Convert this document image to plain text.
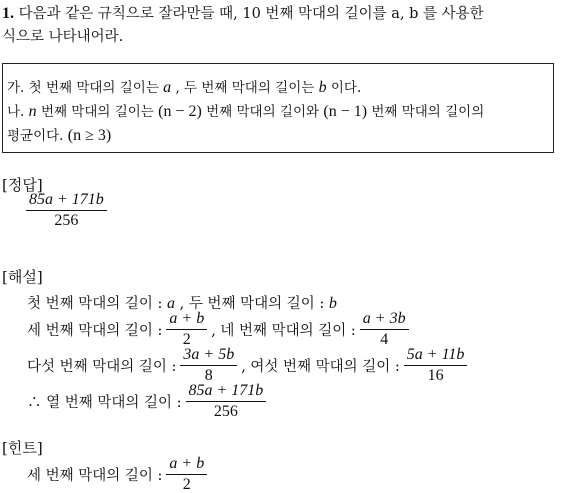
1. 다음과 같은 규칙으로 잘라만들 때, 10 번째 막대의 길이를 a, b 를 사용한
식으로 나타내어라.
가. 첫 번째 막대의 길이는 a , 두 번째 막대의 길이는 b 이다.
나. n 번째 막대의 길이는 (n − 2) 번째 막대의 길이와 (n − 1) 번째 막대의 길이의
평균이다. (n ≥ 3)
[정답]
$\frac{85a + 171b}{256}$
[해설]
첫 번째 막대의 길이 : a , 두 번째 막대의 길이 : b
세 번째 막대의 길이 : $\frac{a + b}{2}$ , 네 번째 막대의 길이 : $\frac{a + 3b}{4}$
다섯 번째 막대의 길이 : $\frac{3a + 5b}{8}$ , 여섯 번째 막대의 길이 : $\frac{5a + 11b}{16}$
∴ 열 번째 막대의 길이 : $\frac{85a + 171b}{256}$
[힌트]
세 번째 막대의 길이 : $\frac{a + b}{2}$
